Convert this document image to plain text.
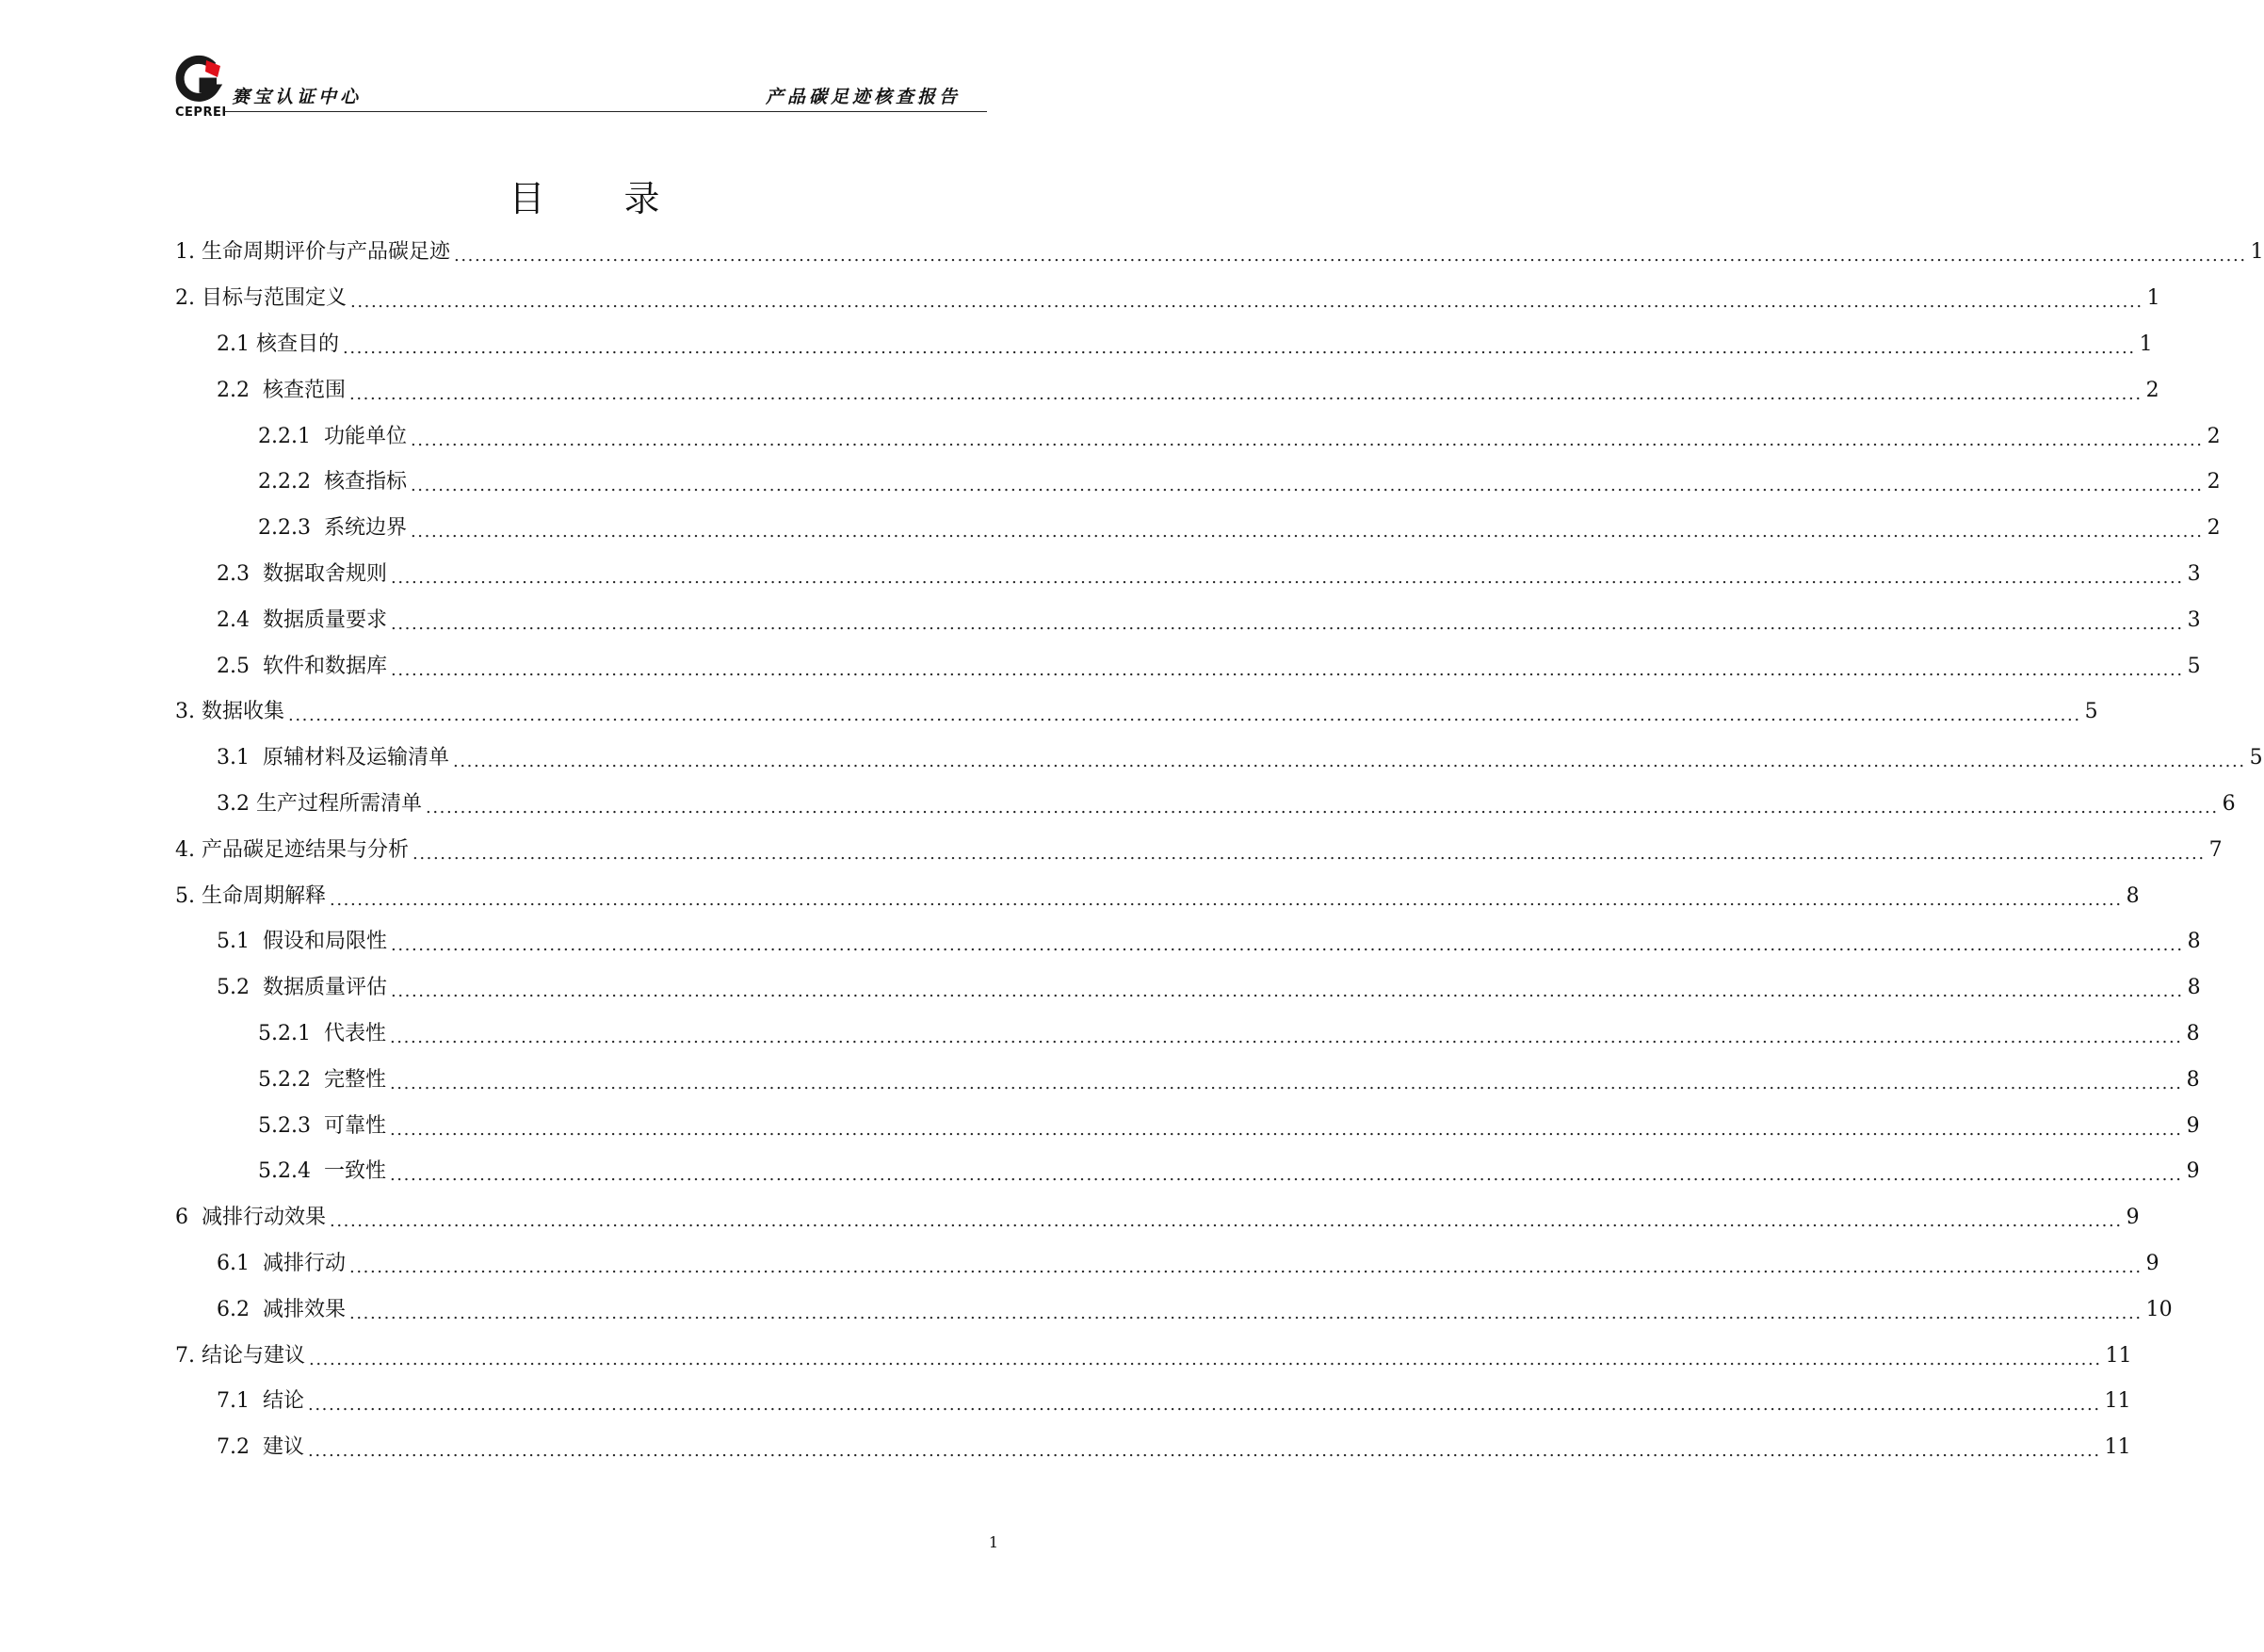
CEPREI
赛宝认证中心	产品碳足迹核查报告
目 录
1. 生命周期评价与产品碳足迹 .................................................................................................................................................................................................................................................................... 1
2. 目标与范围定义 .................................................................................................................................................................................................................................................................... 1
2.1 核查目的 .................................................................................................................................................................................................................................................................... 1
2.2 核查范围 .................................................................................................................................................................................................................................................................... 2
2.2.1 功能单位 .................................................................................................................................................................................................................................................................... 2
2.2.2 核查指标 .................................................................................................................................................................................................................................................................... 2
2.2.3 系统边界 .................................................................................................................................................................................................................................................................... 2
2.3 数据取舍规则 .................................................................................................................................................................................................................................................................... 3
2.4 数据质量要求 .................................................................................................................................................................................................................................................................... 3
2.5 软件和数据库 .................................................................................................................................................................................................................................................................... 5
3. 数据收集 .................................................................................................................................................................................................................................................................... 5
3.1 原辅材料及运输清单 .................................................................................................................................................................................................................................................................... 5
3.2 生产过程所需清单 .................................................................................................................................................................................................................................................................... 6
4. 产品碳足迹结果与分析 .................................................................................................................................................................................................................................................................... 7
5. 生命周期解释 .................................................................................................................................................................................................................................................................... 8
5.1 假设和局限性 .................................................................................................................................................................................................................................................................... 8
5.2 数据质量评估 .................................................................................................................................................................................................................................................................... 8
5.2.1 代表性 .................................................................................................................................................................................................................................................................... 8
5.2.2 完整性 .................................................................................................................................................................................................................................................................... 8
5.2.3 可靠性 .................................................................................................................................................................................................................................................................... 9
5.2.4 一致性 .................................................................................................................................................................................................................................................................... 9
6 减排行动效果 .................................................................................................................................................................................................................................................................... 9
6.1 减排行动 .................................................................................................................................................................................................................................................................... 9
6.2 减排效果 .................................................................................................................................................................................................................................................................... 10
7. 结论与建议 .................................................................................................................................................................................................................................................................... 11
7.1 结论 .................................................................................................................................................................................................................................................................... 11
7.2 建议 .................................................................................................................................................................................................................................................................... 11
1
